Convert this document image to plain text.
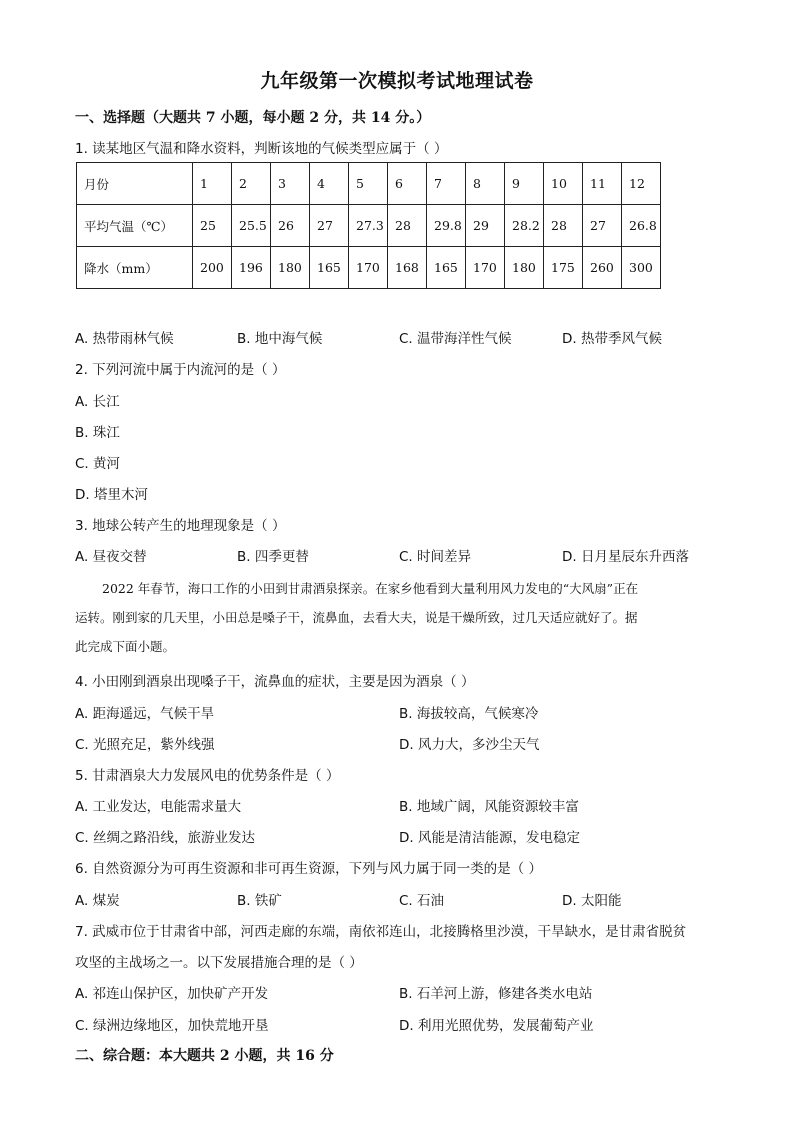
九年级第一次模拟考试地理试卷
一、选择题（大题共 7 小题，每小题 2 分，共 14 分。）
1. 读某地区气温和降水资料，判断该地的气候类型应属于（ ）
月份	1	2	3	4	5	6	7	8	9	10	11	12
平均气温（℃）	25	25.5	26	27	27.3	28	29.8	29	28.2	28	27	26.8
降水（mm）	200	196	180	165	170	168	165	170	180	175	260	300
A. 热带雨林气候	B. 地中海气候	C. 温带海洋性气候	D. 热带季风气候
2. 下列河流中属于内流河的是（ ）
A. 长江
B. 珠江
C. 黄河
D. 塔里木河
3. 地球公转产生的地理现象是（ ）
A. 昼夜交替	B. 四季更替	C. 时间差异	D. 日月星辰东升西落
2022 年春节，海口工作的小田到甘肃酒泉探亲。在家乡他看到大量利用风力发电的“大风扇”正在
运转。刚到家的几天里，小田总是嗓子干，流鼻血，去看大夫，说是干燥所致，过几天适应就好了。据
此完成下面小题。
4. 小田刚到酒泉出现嗓子干，流鼻血的症状，主要是因为酒泉（ ）
A. 距海遥远，气候干旱	B. 海拔较高，气候寒冷
C. 光照充足，紫外线强	D. 风力大，多沙尘天气
5. 甘肃酒泉大力发展风电的优势条件是（ ）
A. 工业发达，电能需求量大	B. 地域广阔，风能资源较丰富
C. 丝绸之路沿线，旅游业发达	D. 风能是清洁能源，发电稳定
6. 自然资源分为可再生资源和非可再生资源，下列与风力属于同一类的是（ ）
A. 煤炭	B. 铁矿	C. 石油	D. 太阳能
7. 武威市位于甘肃省中部，河西走廊的东端，南依祁连山，北接腾格里沙漠，干旱缺水，是甘肃省脱贫
攻坚的主战场之一。以下发展措施合理的是（ ）
A. 祁连山保护区，加快矿产开发	B. 石羊河上游，修建各类水电站
C. 绿洲边缘地区，加快荒地开垦	D. 利用光照优势，发展葡萄产业
二、综合题：本大题共 2 小题，共 16 分
